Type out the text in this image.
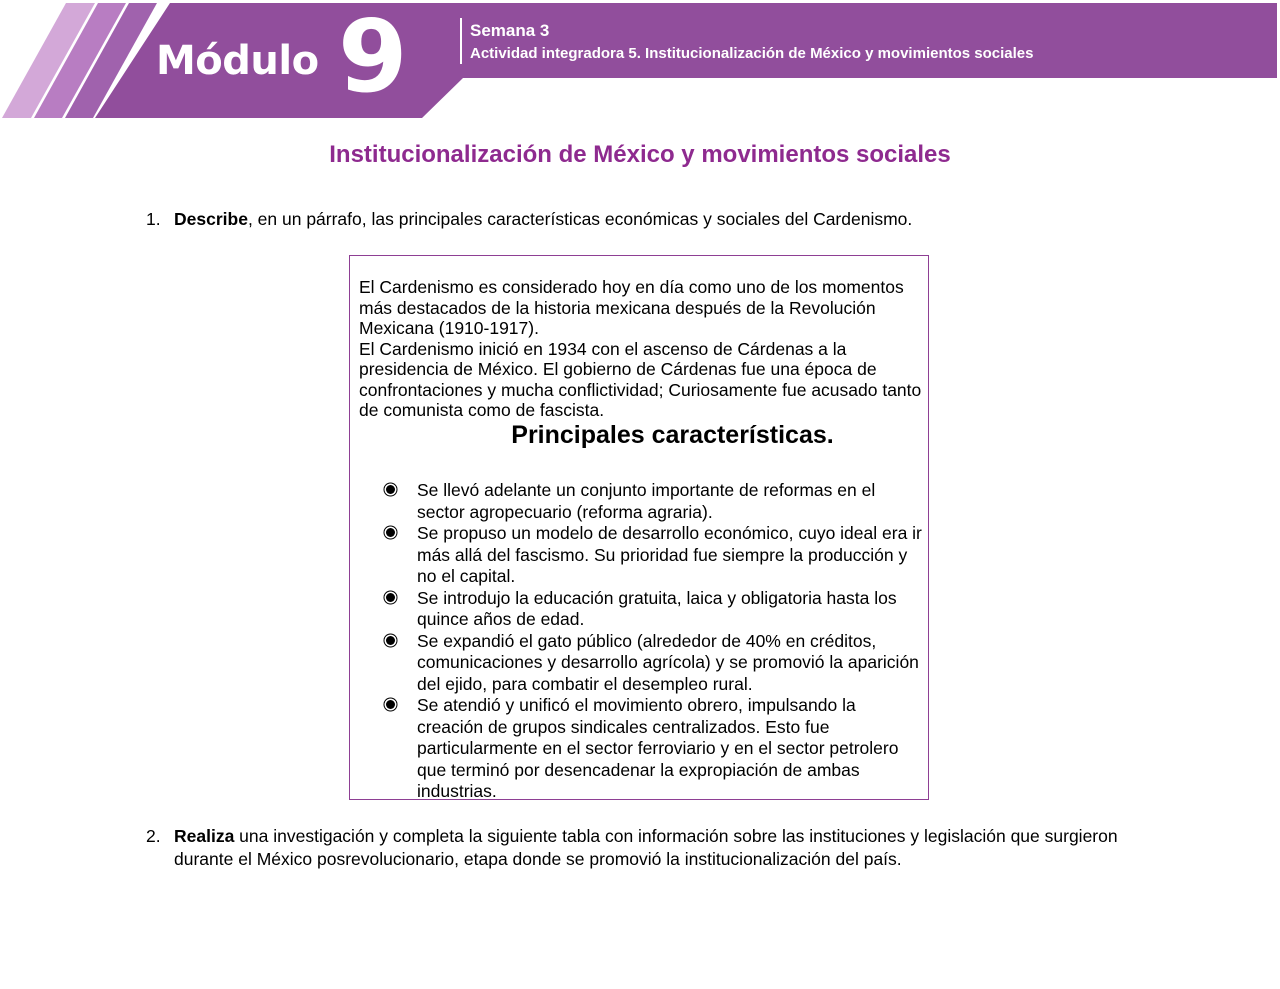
Módulo 9	Semana 3
Actividad integradora 5. Institucionalización de México y movimientos sociales
Institucionalización de México y movimientos sociales
1. Describe, en un párrafo, las principales características económicas y sociales del Cardenismo.

El Cardenismo es considerado hoy en día como uno de los momentos más destacados de la historia mexicana después de la Revolución Mexicana (1910-1917).

El Cardenismo inició en 1934 con el ascenso de Cárdenas a la presidencia de México. El gobierno de Cárdenas fue una época de confrontaciones y mucha conflictividad; Curiosamente fue acusado tanto de comunista como de fascista.

Principales características.
Se llevó adelante un conjunto importante de reformas en el sector agropecuario (reforma agraria).
Se propuso un modelo de desarrollo económico, cuyo ideal era ir más allá del fascismo. Su prioridad fue siempre la producción y no el capital.
Se introdujo la educación gratuita, laica y obligatoria hasta los quince años de edad.
Se expandió el gato público (alrededor de 40% en créditos, comunicaciones y desarrollo agrícola) y se promovió la aparición del ejido, para combatir el desempleo rural.
Se atendió y unificó el movimiento obrero, impulsando la creación de grupos sindicales centralizados. Esto fue particularmente en el sector ferroviario y en el sector petrolero que terminó por desencadenar la expropiación de ambas industrias.
2. Realiza una investigación y completa la siguiente tabla con información sobre las instituciones y legislación que surgieron durante el México posrevolucionario, etapa donde se promovió la institucionalización del país.
